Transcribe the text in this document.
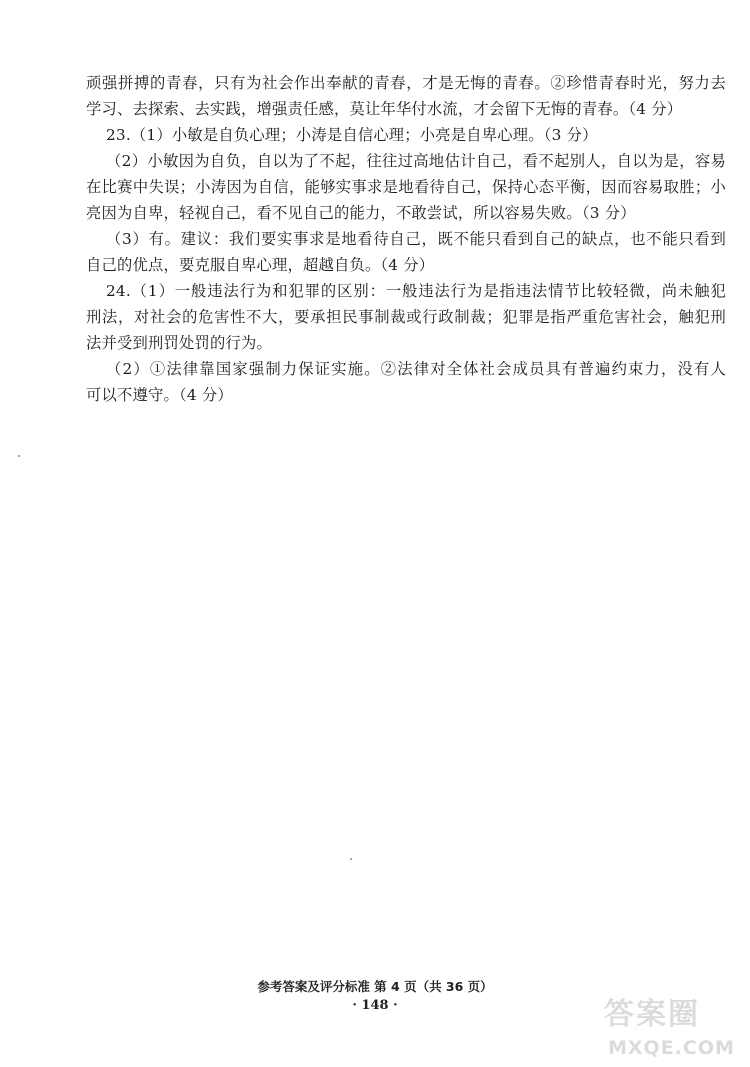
顽强拼搏的青春，只有为社会作出奉献的青春，才是无悔的青春。②珍惜青春时光，努力去
学习、去探索、去实践，增强责任感，莫让年华付水流，才会留下无悔的青春。（4 分）
23.（1）小敏是自负心理；小涛是自信心理；小亮是自卑心理。（3 分）
（2）小敏因为自负，自以为了不起，往往过高地估计自己，看不起别人，自以为是，容易
在比赛中失误；小涛因为自信，能够实事求是地看待自己，保持心态平衡，因而容易取胜；小
亮因为自卑，轻视自己，看不见自己的能力，不敢尝试，所以容易失败。（3 分）
（3）有。建议：我们要实事求是地看待自己，既不能只看到自己的缺点，也不能只看到
自己的优点，要克服自卑心理，超越自负。（4 分）
24.（1）一般违法行为和犯罪的区别：一般违法行为是指违法情节比较轻微，尚未触犯
刑法，对社会的危害性不大，要承担民事制裁或行政制裁；犯罪是指严重危害社会，触犯刑
法并受到刑罚处罚的行为。
（2）①法律靠国家强制力保证实施。②法律对全体社会成员具有普遍约束力，没有人
可以不遵守。（4 分）
参考答案及评分标准 第 4 页（共 36 页）
· 148 ·	答案圈
MXQE.COM
